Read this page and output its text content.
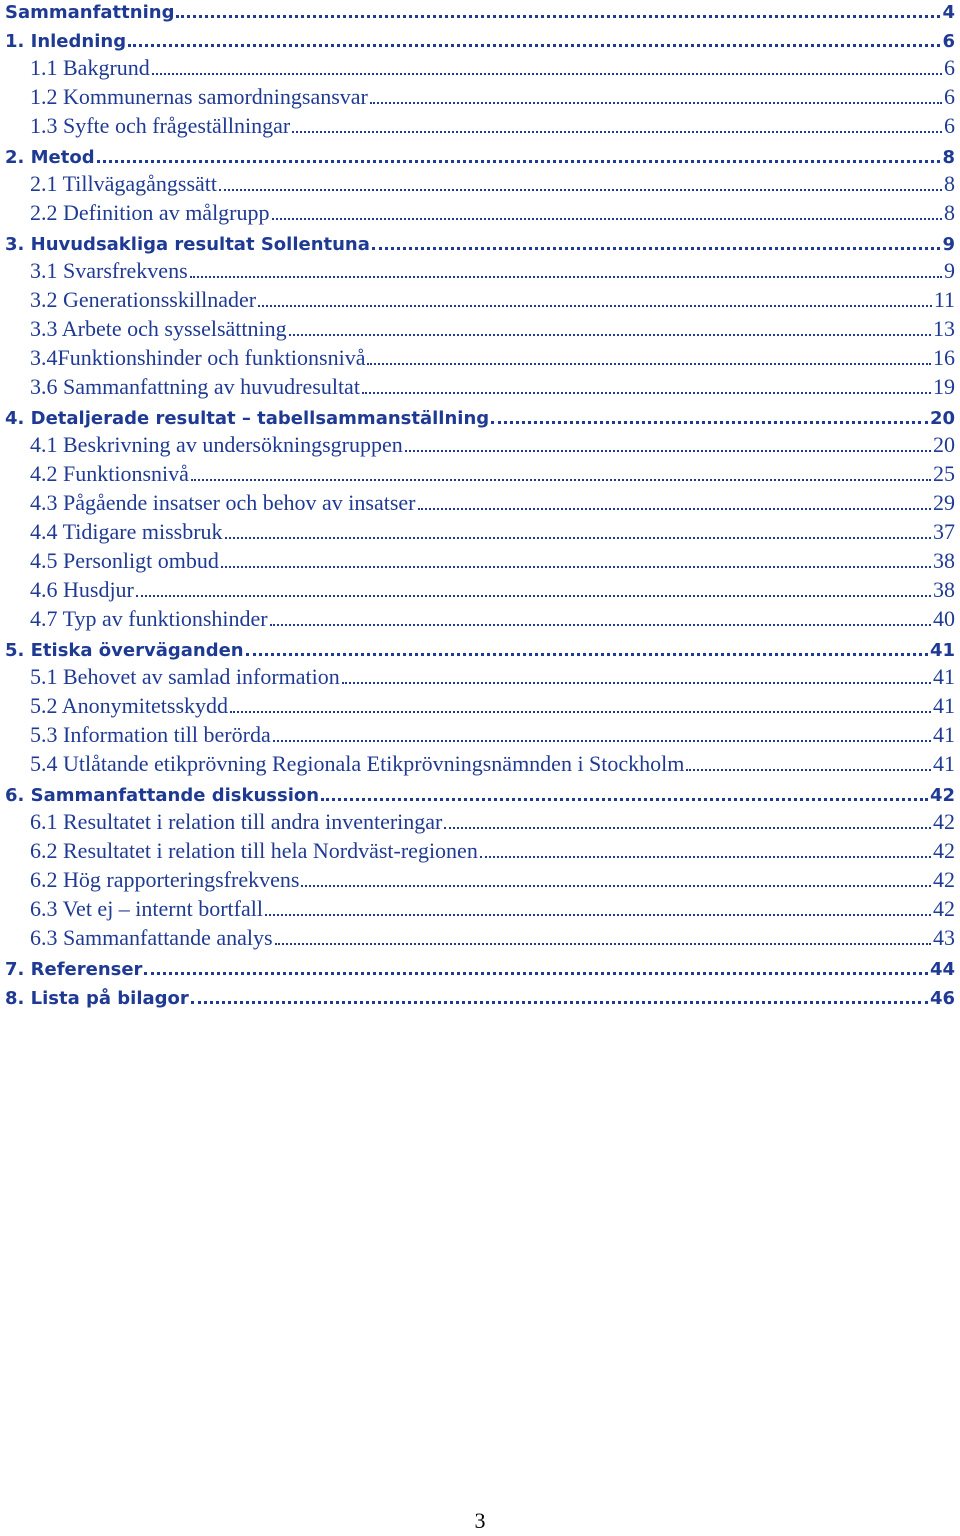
Sammanfattning	4
1. Inledning	6
1.1 Bakgrund	6
1.2 Kommunernas samordningsansvar	6
1.3 Syfte och frågeställningar	6
2. Metod	8
2.1 Tillvägagångssätt	8
2.2 Definition av målgrupp	8
3. Huvudsakliga resultat Sollentuna	9
3.1 Svarsfrekvens	9
3.2 Generationsskillnader	11
3.3 Arbete och sysselsättning	13
3.4Funktionshinder och funktionsnivå	16
3.6 Sammanfattning av huvudresultat	19
4. Detaljerade resultat – tabellsammanställning	20
4.1 Beskrivning av undersökningsgruppen	20
4.2 Funktionsnivå	25
4.3 Pågående insatser och behov av insatser	29
4.4 Tidigare missbruk	37
4.5 Personligt ombud	38
4.6 Husdjur	38
4.7 Typ av funktionshinder	40
5. Etiska överväganden	41
5.1 Behovet av samlad information	41
5.2 Anonymitetsskydd	41
5.3 Information till berörda	41
5.4 Utlåtande etikprövning Regionala Etikprövningsnämnden i Stockholm	41
6. Sammanfattande diskussion	42
6.1 Resultatet i relation till andra inventeringar	42
6.2 Resultatet i relation till hela Nordväst-regionen	42
6.2 Hög rapporteringsfrekvens	42
6.3 Vet ej – internt bortfall	42
6.3 Sammanfattande analys	43
7. Referenser	44
8. Lista på bilagor	46
3
